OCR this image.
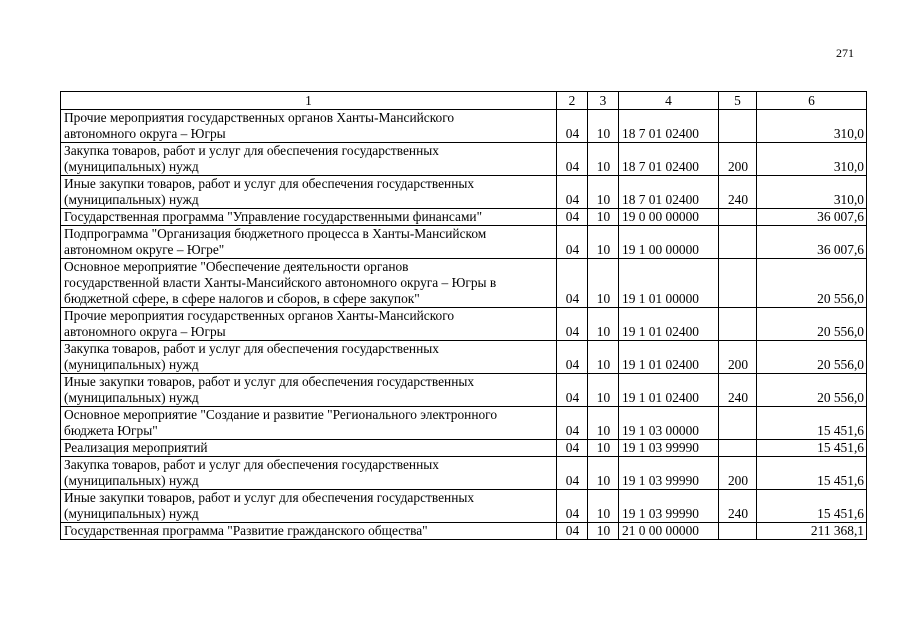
271
1	2	3	4	5	6
Прочие мероприятия государственных органов Ханты-Мансийского
автономного округа – Югры	04	10	18 7 01 02400		310,0
Закупка товаров, работ и услуг для обеспечения государственных
(муниципальных) нужд	04	10	18 7 01 02400	200	310,0
Иные закупки товаров, работ и услуг для обеспечения государственных
(муниципальных) нужд	04	10	18 7 01 02400	240	310,0
Государственная программа "Управление государственными финансами"	04	10	19 0 00 00000		36 007,6
Подпрограмма "Организация бюджетного процесса в Ханты-Мансийском
автономном округе – Югре"	04	10	19 1 00 00000		36 007,6
Основное мероприятие "Обеспечение деятельности органов
государственной власти Ханты-Мансийского автономного округа – Югры в
бюджетной сфере, в сфере налогов и сборов, в сфере закупок"	04	10	19 1 01 00000		20 556,0
Прочие мероприятия государственных органов Ханты-Мансийского
автономного округа – Югры	04	10	19 1 01 02400		20 556,0
Закупка товаров, работ и услуг для обеспечения государственных
(муниципальных) нужд	04	10	19 1 01 02400	200	20 556,0
Иные закупки товаров, работ и услуг для обеспечения государственных
(муниципальных) нужд	04	10	19 1 01 02400	240	20 556,0
Основное мероприятие "Создание и развитие "Регионального электронного
бюджета Югры"	04	10	19 1 03 00000		15 451,6
Реализация мероприятий	04	10	19 1 03 99990		15 451,6
Закупка товаров, работ и услуг для обеспечения государственных
(муниципальных) нужд	04	10	19 1 03 99990	200	15 451,6
Иные закупки товаров, работ и услуг для обеспечения государственных
(муниципальных) нужд	04	10	19 1 03 99990	240	15 451,6
Государственная программа "Развитие гражданского общества"	04	10	21 0 00 00000		211 368,1
